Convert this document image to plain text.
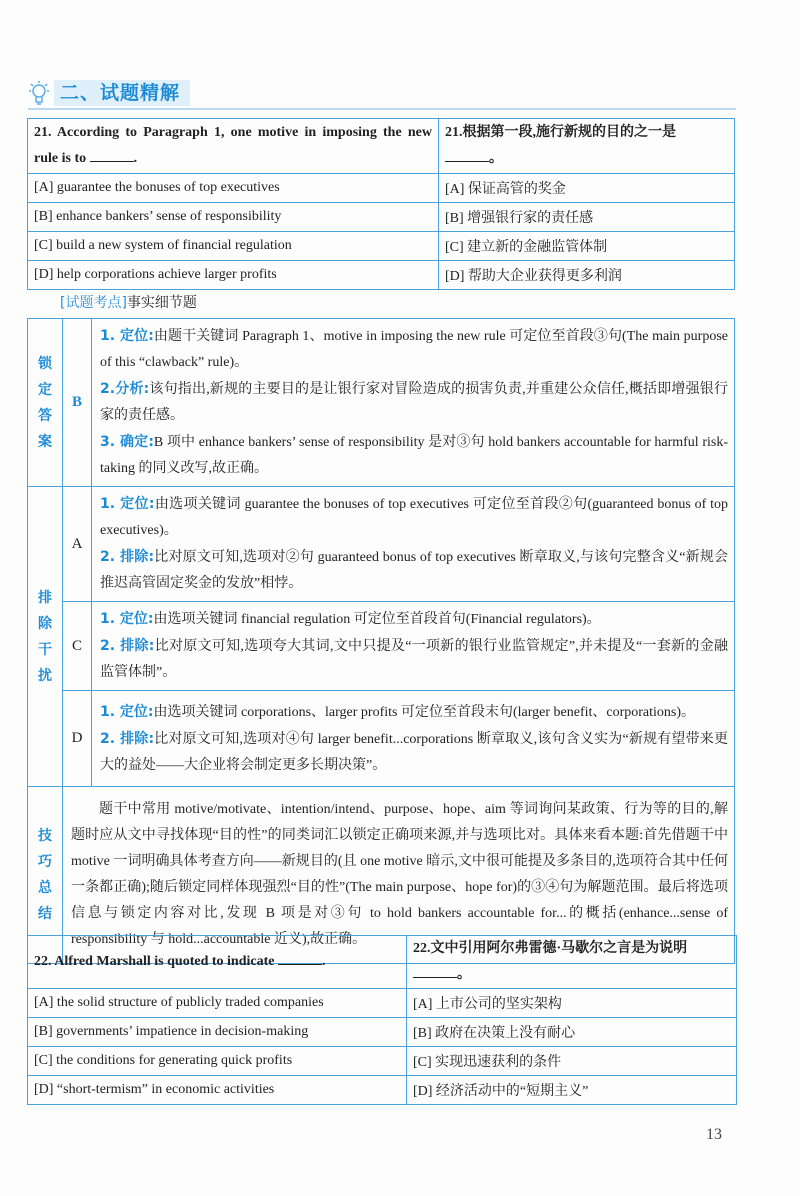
二、试题精解
21. According to Paragraph 1, one motive in imposing the new rule is to .	21.根据第一段,施行新规的目的之一是
。
[A] guarantee the bonuses of top executives	[A] 保证高管的奖金
[B] enhance bankers’ sense of responsibility	[B] 增强银行家的责任感
[C] build a new system of financial regulation	[C] 建立新的金融监管体制
[D] help corporations achieve larger profits	[D] 帮助大企业获得更多利润
[试题考点]事实细节题
锁定答案	B	1. 定位:由题干关键词 Paragraph 1、motive in imposing the new rule 可定位至首段③句(The main purpose of this “clawback” rule)。

2.分析:该句指出,新规的主要目的是让银行家对冒险造成的损害负责,并重建公众信任,概括即增强银行家的责任感。

3. 确定:B 项中 enhance bankers’ sense of responsibility 是对③句 hold bankers accountable for harmful risk-taking 的同义改写,故正确。

排除干扰	A	1. 定位:由选项关键词 guarantee the bonuses of top executives 可定位至首段②句(guaranteed bonus of top executives)。

2. 排除:比对原文可知,选项对②句 guaranteed bonus of top executives 断章取义,与该句完整含义“新规会推迟高管固定奖金的发放”相悖。

	C	1. 定位:由选项关键词 financial regulation 可定位至首段首句(Financial regulators)。

2. 排除:比对原文可知,选项夸大其词,文中只提及“一项新的银行业监管规定”,并未提及“一套新的金融监管体制”。

	D	1. 定位:由选项关键词 corporations、larger profits 可定位至首段末句(larger benefit、corporations)。

2. 排除:比对原文可知,选项对④句 larger benefit...corporations 断章取义,该句含义实为“新规有望带来更大的益处——大企业将会制定更多长期决策”。

技巧总结	题干中常用 motive/motivate、intention/intend、purpose、hope、aim 等词询问某政策、行为等的目的,解题时应从文中寻找体现“目的性”的同类词汇以锁定正确项来源,并与选项比对。具体来看本题:首先借题干中 motive 一词明确具体考查方向——新规目的(且 one motive 暗示,文中很可能提及多条目的,选项符合其中任何一条都正确);随后锁定同样体现强烈“目的性”(The main purpose、hope for)的③④句为解题范围。最后将选项信息与锁定内容对比,发现 B 项是对③句 to hold bankers accountable for...的概括(enhance...sense of responsibility 与 hold...accountable 近义),故正确。	

22. Alfred Marshall is quoted to indicate .	22.文中引用阿尔弗雷德·马歇尔之言是为说明
。
[A] the solid structure of publicly traded companies	[A] 上市公司的坚实架构
[B] governments’ impatience in decision-making	[B] 政府在决策上没有耐心
[C] the conditions for generating quick profits	[C] 实现迅速获利的条件
[D] “short-termism” in economic activities	[D] 经济活动中的“短期主义”
13
